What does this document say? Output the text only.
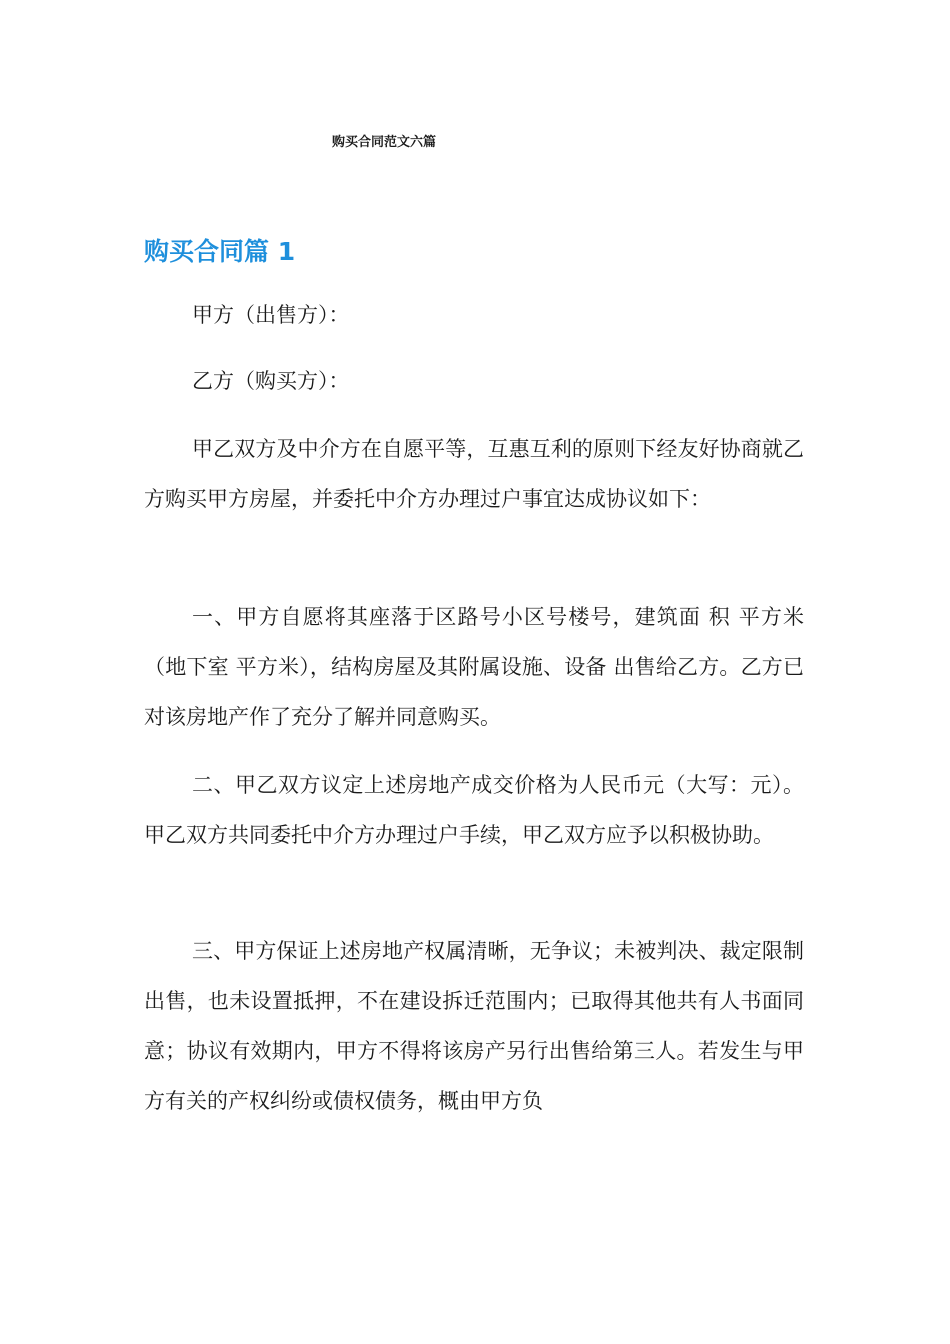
购买合同范文六篇
购买合同篇 1

甲方（出售方）：

乙方（购买方）：

甲乙双方及中介方在自愿平等，互惠互利的原则下经友好协商就乙方购买甲方房屋，并委托中介方办理过户事宜达成协议如下：

一、甲方自愿将其座落于区路号小区号楼号，建筑面 积 平方米（地下室 平方米），结构房屋及其附属设施、设备 出售给乙方。乙方已对该房地产作了充分了解并同意购买。

二、甲乙双方议定上述房地产成交价格为人民币元（大写：元）。甲乙双方共同委托中介方办理过户手续，甲乙双方应予以积极协助。

三、甲方保证上述房地产权属清晰，无争议；未被判决、裁定限制出售，也未设置抵押，不在建设拆迁范围内；已取得其他共有人书面同意；协议有效期内，甲方不得将该房产另行出售给第三人。若发生与甲方有关的产权纠纷或债权债务，概由甲方负
